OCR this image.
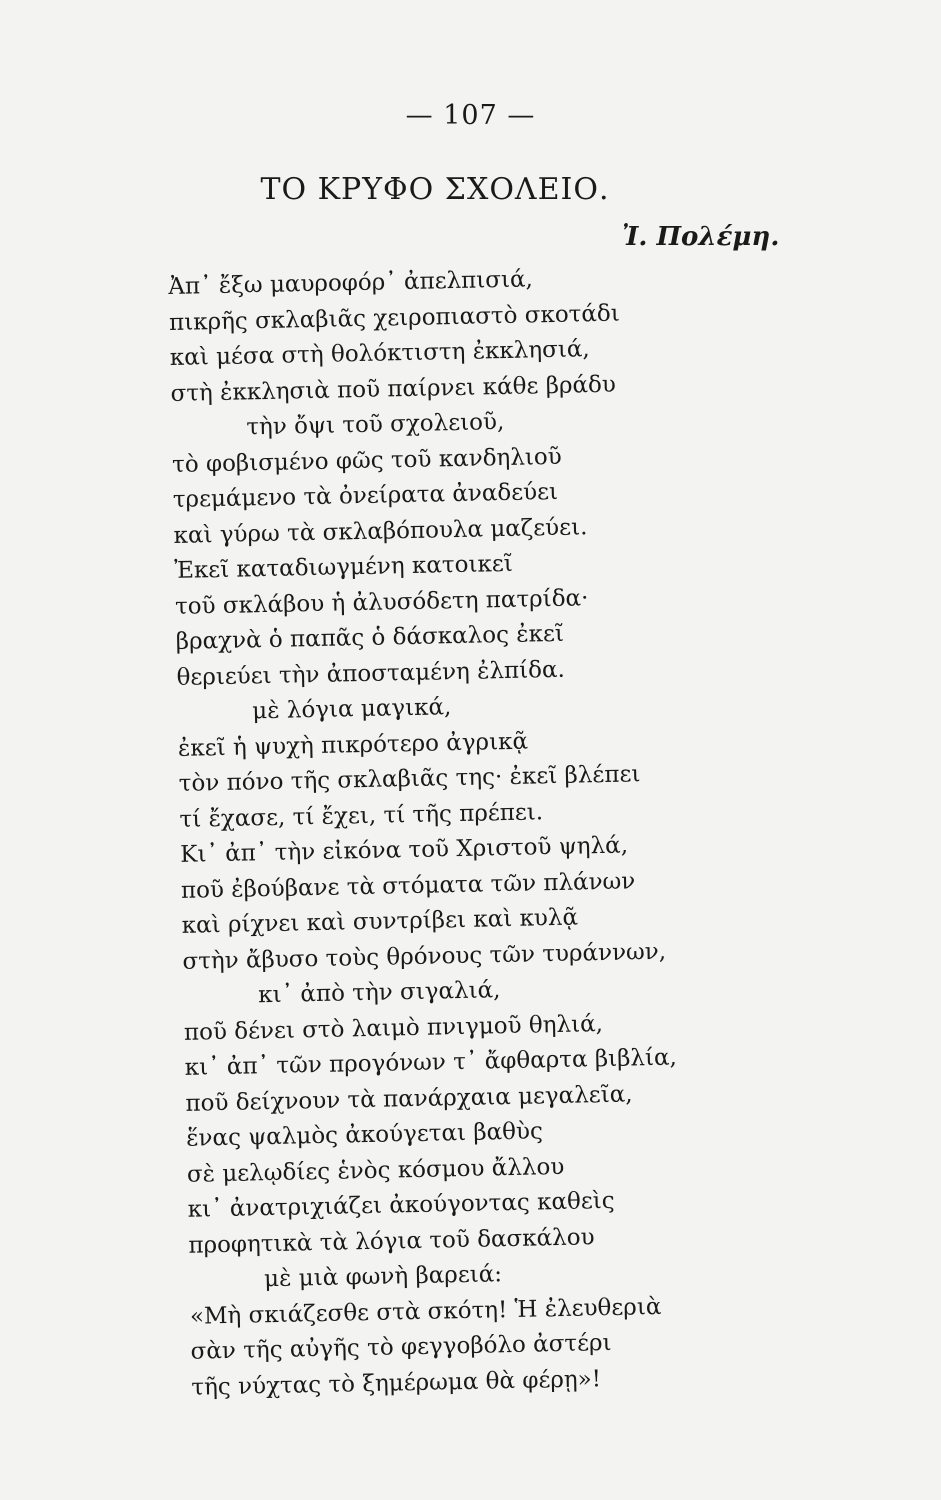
— 107 —
ΤΟ ΚΡΥΦΟ ΣΧΟΛΕΙΟ.
Ἰ. Πολέμη.
Ἀπ᾿ ἔξω μαυροφόρ᾿ ἀπελπισιά,
πικρῆς σκλαβιᾶς χειροπιαστὸ σκοτάδι
καὶ μέσα στὴ θολόκτιστη ἐκκλησιά,
στὴ ἐκκλησιὰ ποῦ παίρνει κάθε βράδυ
τὴν ὄψι τοῦ σχολειοῦ,
τὸ φοβισμένο φῶς τοῦ κανδηλιοῦ
τρεμάμενο τὰ ὀνείρατα ἀναδεύει
καὶ γύρω τὰ σκλαβόπουλα μαζεύει.
Ἐκεῖ καταδιωγμένη κατοικεῖ
τοῦ σκλάβου ἡ ἀλυσόδετη πατρίδα·
βραχνὰ ὁ παπᾶς ὁ δάσκαλος ἐκεῖ
θεριεύει τὴν ἀποσταμένη ἐλπίδα.
μὲ λόγια μαγικά,
ἐκεῖ ἡ ψυχὴ πικρότερο ἀγρικᾷ
τὸν πόνο τῆς σκλαβιᾶς της· ἐκεῖ βλέπει
τί ἔχασε, τί ἔχει, τί τῆς πρέπει.
Κι᾿ ἀπ᾿ τὴν εἰκόνα τοῦ Χριστοῦ ψηλά,
ποῦ ἐβούβανε τὰ στόματα τῶν πλάνων
καὶ ρίχνει καὶ συντρίβει καὶ κυλᾷ
στὴν ἄβυσο τοὺς θρόνους τῶν τυράννων,
κι᾿ ἀπὸ τὴν σιγαλιά,
ποῦ δένει στὸ λαιμὸ πνιγμοῦ θηλιά,
κι᾿ ἀπ᾿ τῶν προγόνων τ᾿ ἄφθαρτα βιβλία,
ποῦ δείχνουν τὰ πανάρχαια μεγαλεῖα,
ἕνας ψαλμὸς ἀκούγεται βαθὺς
σὲ μελῳδίες ἑνὸς κόσμου ἄλλου
κι᾿ ἀνατριχιάζει ἀκούγοντας καθεὶς
προφητικὰ τὰ λόγια τοῦ δασκάλου
μὲ μιὰ φωνὴ βαρειά:
«Μὴ σκιάζεσθε στὰ σκότη! Ἡ ἐλευθεριὰ
σὰν τῆς αὐγῆς τὸ φεγγοβόλο ἀστέρι
τῆς νύχτας τὸ ξημέρωμα θὰ φέρῃ»!
